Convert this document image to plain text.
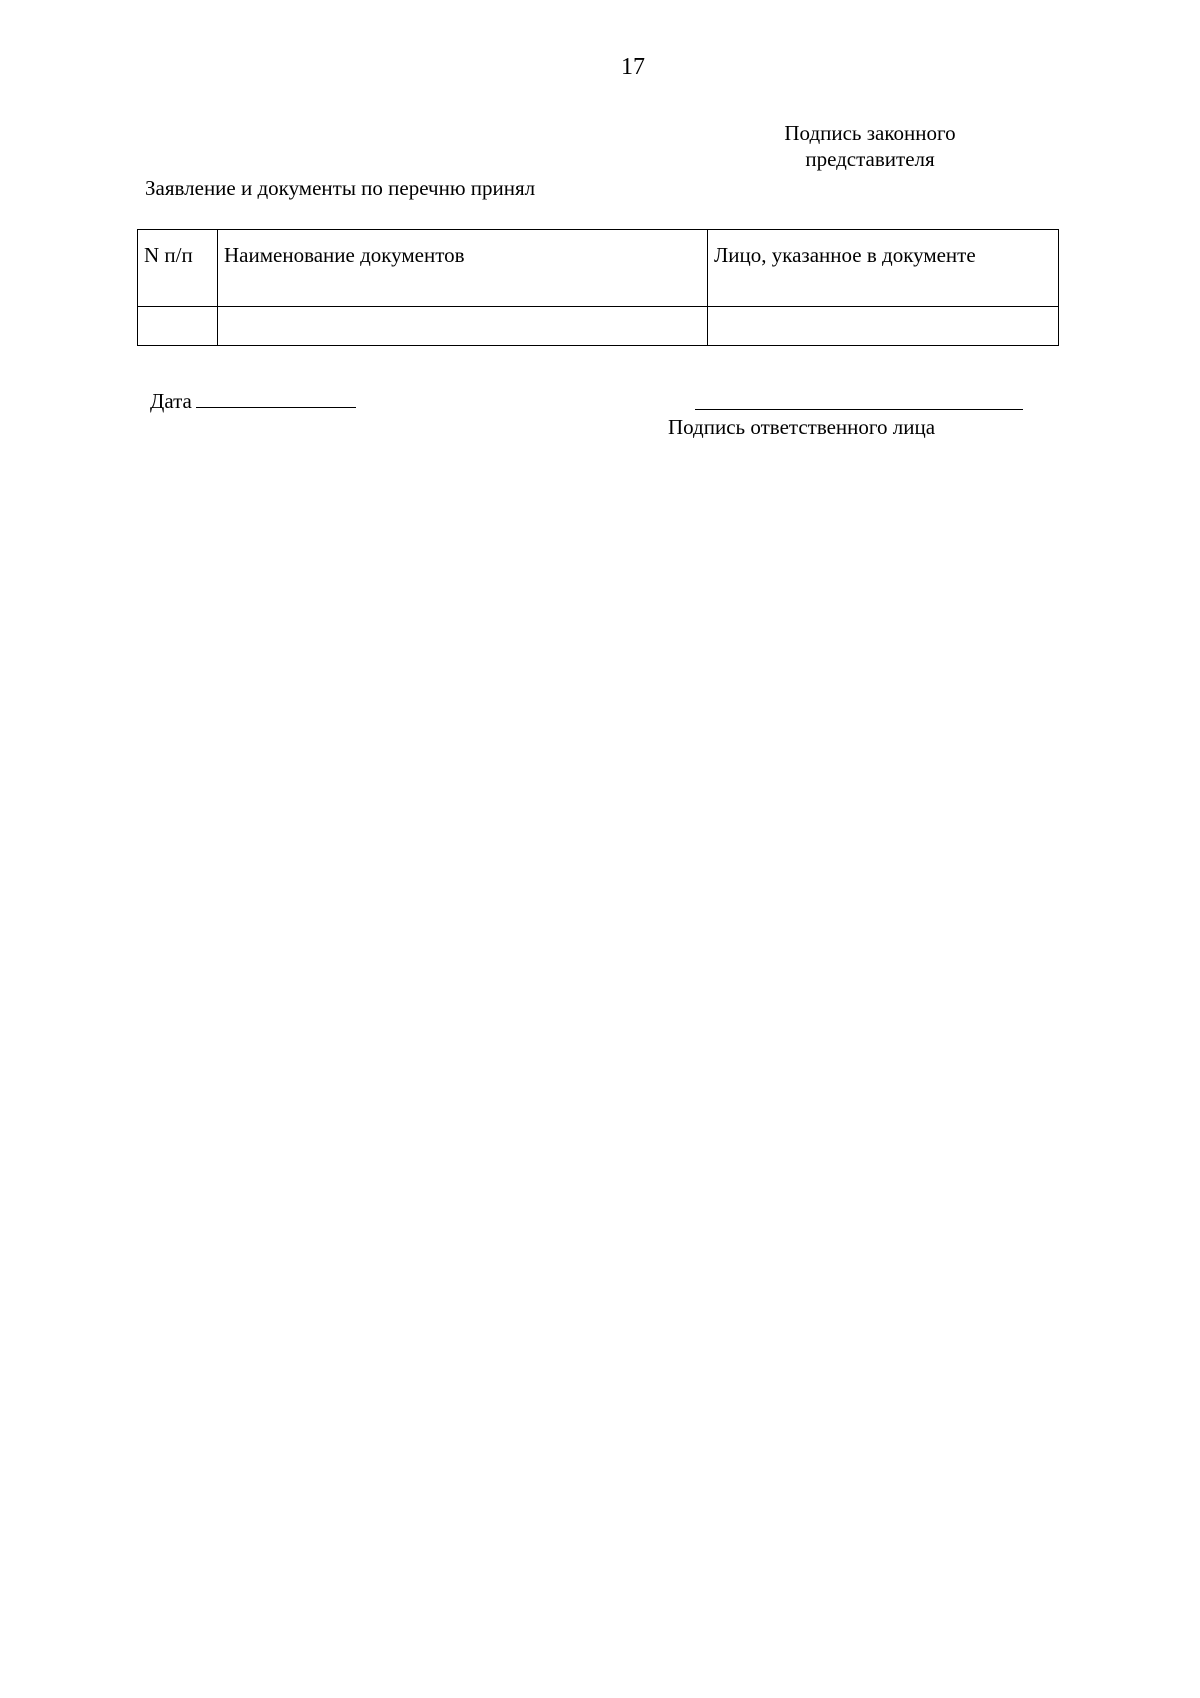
17
Подпись законного представителя
Заявление и документы по перечню принял
N п/п	Наименование документов	Лицо, указанное в документе

Дата
Подпись ответственного лица
